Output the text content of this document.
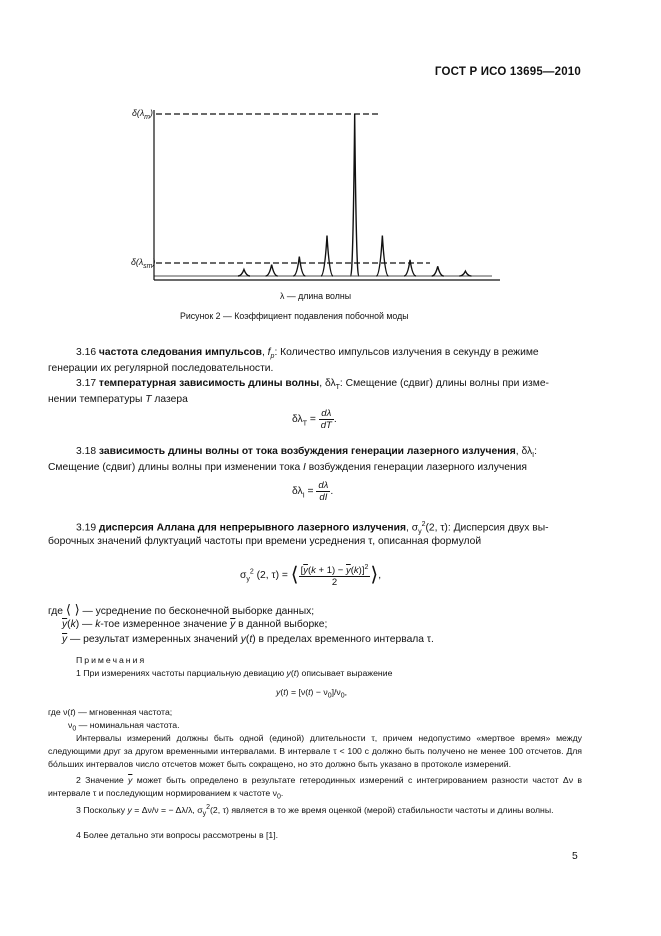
ГОСТ Р ИСО 13695—2010
$\delta(\lambda_m)$
$\delta(\lambda_{sm})$
λ — длина волны
Рисунок 2 — Коэффициент подавления побочной моды
3.16 частота следования импульсов, $f_p$: Количество импульсов излучения в секунду в режиме
генерации их регулярной последовательности.
3.17 температурная зависимость длины волны, $\delta\lambda_T$: Смещение (сдвиг) длины волны при изме-
нении температуры T лазера
$\delta\lambda_T = \frac{d\lambda}{dT}$ .
3.18 зависимость длины волны от тока возбуждения генерации лазерного излучения, $\delta\lambda_I$:
Смещение (сдвиг) длины волны при изменении тока I возбуждения генерации лазерного излучения
$\delta\lambda_I = \frac{d\lambda}{dI}$ .
3.19 дисперсия Аллана для непрерывного лазерного излучения, $\sigma_y^2(2$, τ): Дисперсия двух вы-
борочных значений флуктуаций частоты при времени усреднения τ, описанная формулой
$\sigma_y^2$ (2, τ) = ⟨ $\frac{[\overline{y}(k + 1) - \overline{y}(k)]^2}{2}$ ⟩,
где ⟨ ⟩ — усреднение по бесконечной выборке данных;
$\overline{y}(k)$ — k-тое измеренное значение $\overline{y}$ в данной выборке;
$\overline{y}$ — результат измеренных значений y(t) в пределах временного интервала τ.
Примечания
1 При измерениях частоты парциальную девиацию y(t) описывает выражение
$y(t) = [\nu(t) - \nu_0]/\nu_0$,
где ν(t) — мгновенная частота;
$\nu_0$ — номинальная частота.
Интервалы измерений должны быть одной (единой) длительности τ, причем недопустимо «мертвое время» между следующими друг за другом временными интервалами. В интервале τ < 100 с должно быть получено не менее 100 отсчетов. Для бо́льших интервалов число отсчетов может быть сокращено, но это должно быть указано в протоколе измерений.
2 Значение $\overline{y}$ может быть определено в результате гетеродинных измерений с интегрированием разности частот Δν в интервале τ и последующим нормированием к частоте $\nu_0$.
3 Поскольку y = Δν/ν = − Δλ/λ, $\sigma_y^2(2$, τ) является в то же время оценкой (мерой) стабильности частоты и длины волны.
4 Более детально эти вопросы рассмотрены в [1].
5
